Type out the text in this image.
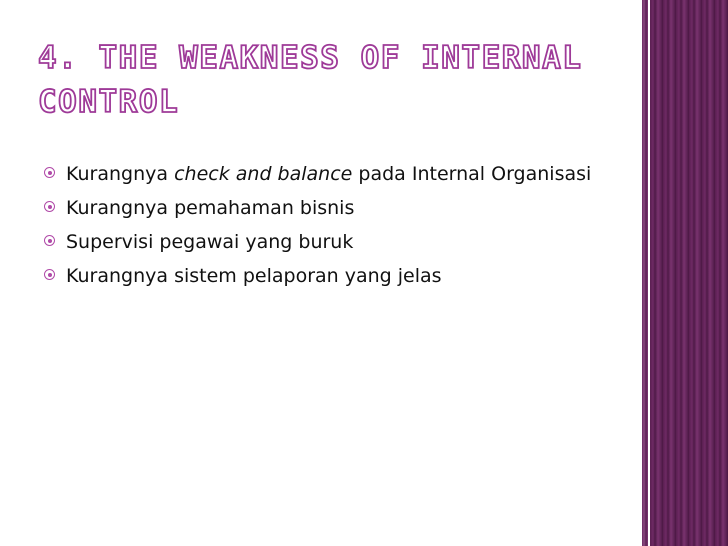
4. THE WEAKNESS OF INTERNAL CONTROL
Kurangnya check and balance pada Internal Organisasi
Kurangnya pemahaman bisnis
Supervisi pegawai yang buruk
Kurangnya sistem pelaporan yang jelas
